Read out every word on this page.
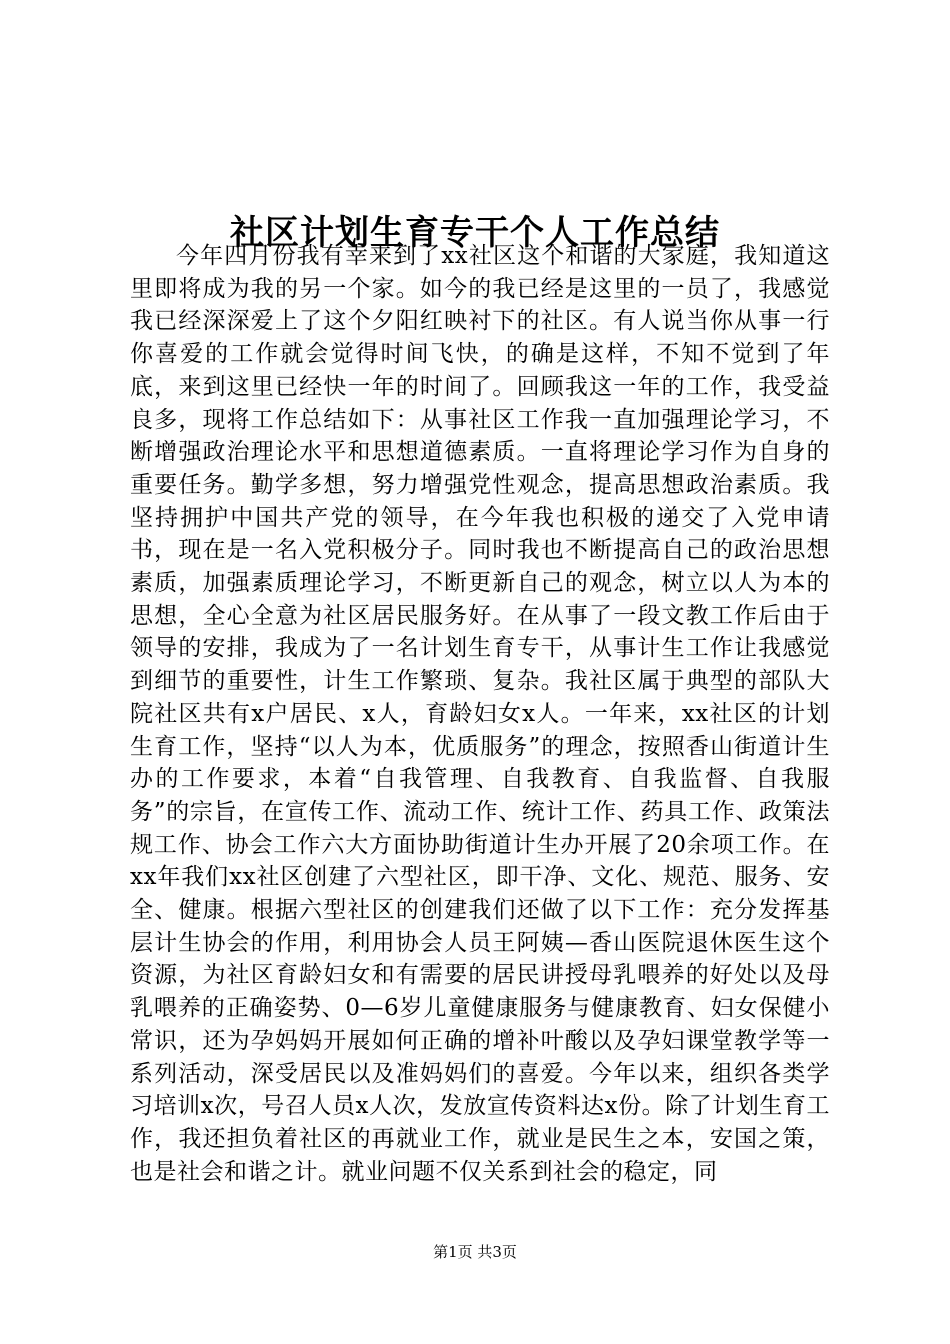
社区计划生育专干个人工作总结

今年四月份我有幸来到了xx社区这个和谐的大家庭，我知道这里即将成为我的另一个家。如今的我已经是这里的一员了，我感觉我已经深深爱上了这个夕阳红映衬下的社区。有人说当你从事一行你喜爱的工作就会觉得时间飞快，的确是这样，不知不觉到了年底，来到这里已经快一年的时间了。回顾我这一年的工作，我受益良多，现将工作总结如下：从事社区工作我一直加强理论学习，不断增强政治理论水平和思想道德素质。一直将理论学习作为自身的重要任务。勤学多想，努力增强党性观念，提高思想政治素质。我坚持拥护中国共产党的领导，在今年我也积极的递交了入党申请书，现在是一名入党积极分子。同时我也不断提高自己的政治思想素质，加强素质理论学习，不断更新自己的观念，树立以人为本的思想，全心全意为社区居民服务好。在从事了一段文教工作后由于领导的安排，我成为了一名计划生育专干，从事计生工作让我感觉到细节的重要性，计生工作繁琐、复杂。我社区属于典型的部队大院社区共有x户居民、x人，育龄妇女x人。一年来，xx社区的计划生育工作，坚持“以人为本，优质服务”的理念，按照香山街道计生办的工作要求，本着“自我管理、自我教育、自我监督、自我服务”的宗旨，在宣传工作、流动工作、统计工作、药具工作、政策法规工作、协会工作六大方面协助街道计生办开展了20余项工作。在xx年我们xx社区创建了六型社区，即干净、文化、规范、服务、安全、健康。根据六型社区的创建我们还做了以下工作：充分发挥基层计生协会的作用，利用协会人员王阿姨—香山医院退休医生这个资源，为社区育龄妇女和有需要的居民讲授母乳喂养的好处以及母乳喂养的正确姿势、0—6岁儿童健康服务与健康教育、妇女保健小常识，还为孕妈妈开展如何正确的增补叶酸以及孕妇课堂教学等一系列活动，深受居民以及准妈妈们的喜爱。今年以来，组织各类学习培训x次，号召人员x人次，发放宣传资料达x份。除了计划生育工作，我还担负着社区的再就业工作，就业是民生之本，安国之策，也是社会和谐之计。就业问题不仅关系到社会的稳定，同

第1页 共3页
